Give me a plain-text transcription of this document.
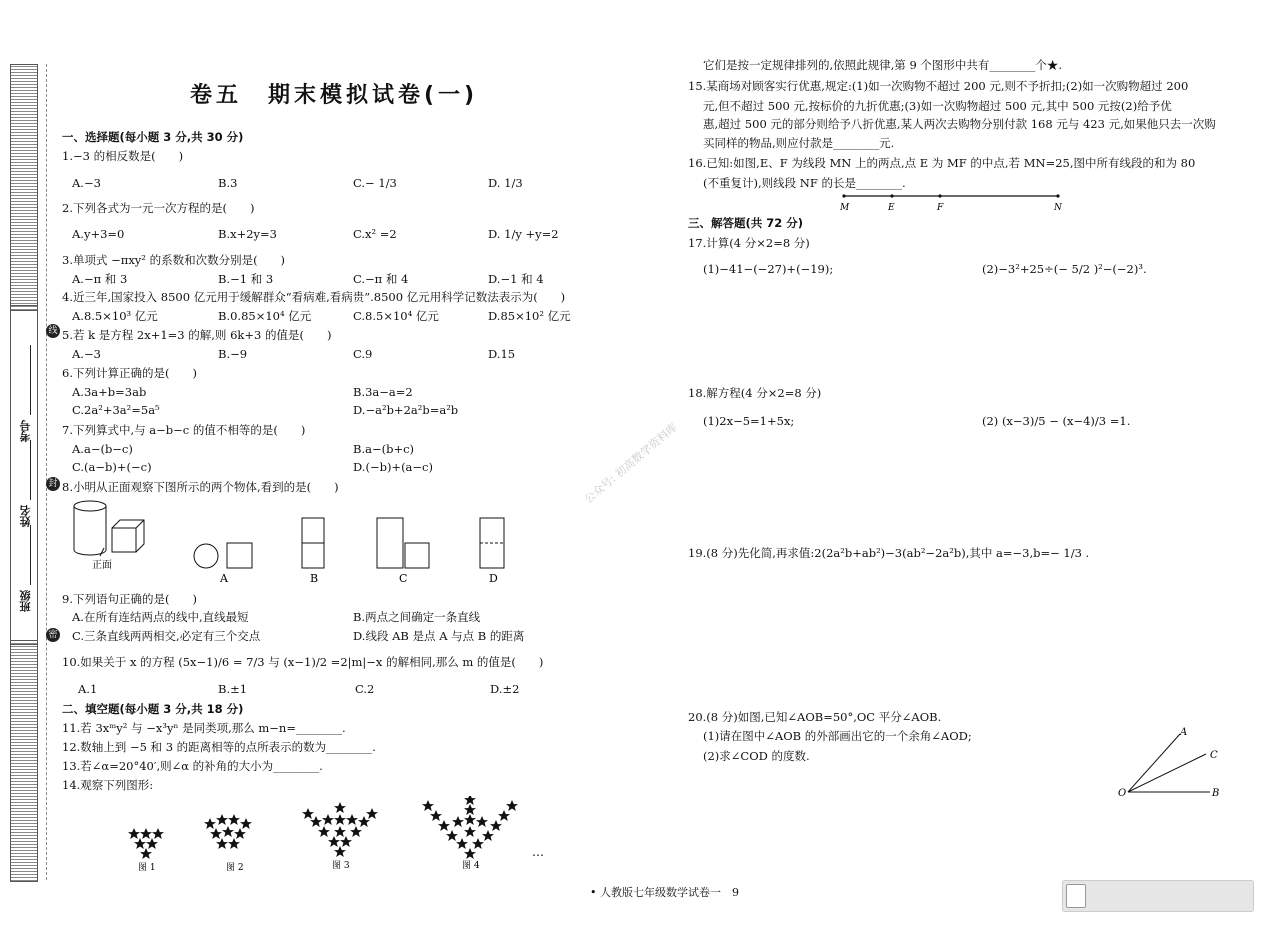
班级
姓名
考号
线
封
密
卷五　期末模拟试卷(一)
一、选择题(每小题 3 分,共 30 分)
1.−3 的相反数是(　　)
A.−3	B.3	C.− 1/3	D. 1/3
2.下列各式为一元一次方程的是(　　)
A.y+3=0	B.x+2y=3	C.x² =2	D. 1/y +y=2
3.单项式 −πxy² 的系数和次数分别是(　　)
A.−π 和 3	B.−1 和 3	C.−π 和 4	D.−1 和 4
4.近三年,国家投入 8500 亿元用于缓解群众“看病难,看病贵”.8500 亿元用科学记数法表示为(　　)
A.8.5×10³ 亿元	B.0.85×10⁴ 亿元	C.8.5×10⁴ 亿元	D.85×10² 亿元
5.若 k 是方程 2x+1=3 的解,则 6k+3 的值是(　　)
A.−3	B.−9	C.9	D.15
6.下列计算正确的是(　　)
A.3a+b=3ab	B.3a−a=2
C.2a²+3a²=5a⁵	D.−a²b+2a²b=a²b
7.下列算式中,与 a−b−c 的值不相等的是(　　)
A.a−(b−c)	B.a−(b+c)
C.(a−b)+(−c)	D.(−b)+(a−c)
8.小明从正面观察下图所示的两个物体,看到的是(　　)
正面
A	B	C	D
9.下列语句正确的是(　　)
A.在所有连结两点的线中,直线最短	B.两点之间确定一条直线
C.三条直线两两相交,必定有三个交点	D.线段 AB 是点 A 与点 B 的距离
10.如果关于 x 的方程 (5x−1)/6 = 7/3 与 (x−1)/2 =2|m|−x 的解相同,那么 m 的值是(　　)
A.1	B.±1	C.2	D.±2
二、填空题(每小题 3 分,共 18 分)
11.若 3xᵐy² 与 −x³yⁿ 是同类项,那么 m−n=________.
12.数轴上到 −5 和 3 的距离相等的点所表示的数为________.
13.若∠α=20°40′,则∠α 的补角的大小为________.
14.观察下列图形:
图 1	图 2	图 3	图 4
…
公众号: 初高数学资料库
它们是按一定规律排列的,依照此规律,第 9 个图形中共有________个★.
15.某商场对顾客实行优惠,规定:(1)如一次购物不超过 200 元,则不予折扣;(2)如一次购物超过 200
元,但不超过 500 元,按标价的九折优惠;(3)如一次购物超过 500 元,其中 500 元按(2)给予优
惠,超过 500 元的部分则给予八折优惠,某人两次去购物分别付款 168 元与 423 元,如果他只去一次购
买同样的物品,则应付款是________元.
16.已知:如图,E、F 为线段 MN 上的两点,点 E 为 MF 的中点,若 MN=25,图中所有线段的和为 80
(不重复计),则线段 NF 的长是________.
M	E	F	N
三、解答题(共 72 分)
17.计算(4 分×2=8 分)
(1)−41−(−27)+(−19);	(2)−3²+25÷(− 5/2 )²−(−2)³.
18.解方程(4 分×2=8 分)
(1)2x−5=1+5x;	(2) (x−3)/5 − (x−4)/3 =1.
19.(8 分)先化简,再求值:2(2a²b+ab²)−3(ab²−2a²b),其中 a=−3,b=− 1/3 .
20.(8 分)如图,已知∠AOB=50°,OC 平分∠AOB.
(1)请在图中∠AOB 的外部画出它的一个余角∠AOD;
(2)求∠COD 的度数.
A
C
O	B
• 人教版七年级数学试卷一　9
